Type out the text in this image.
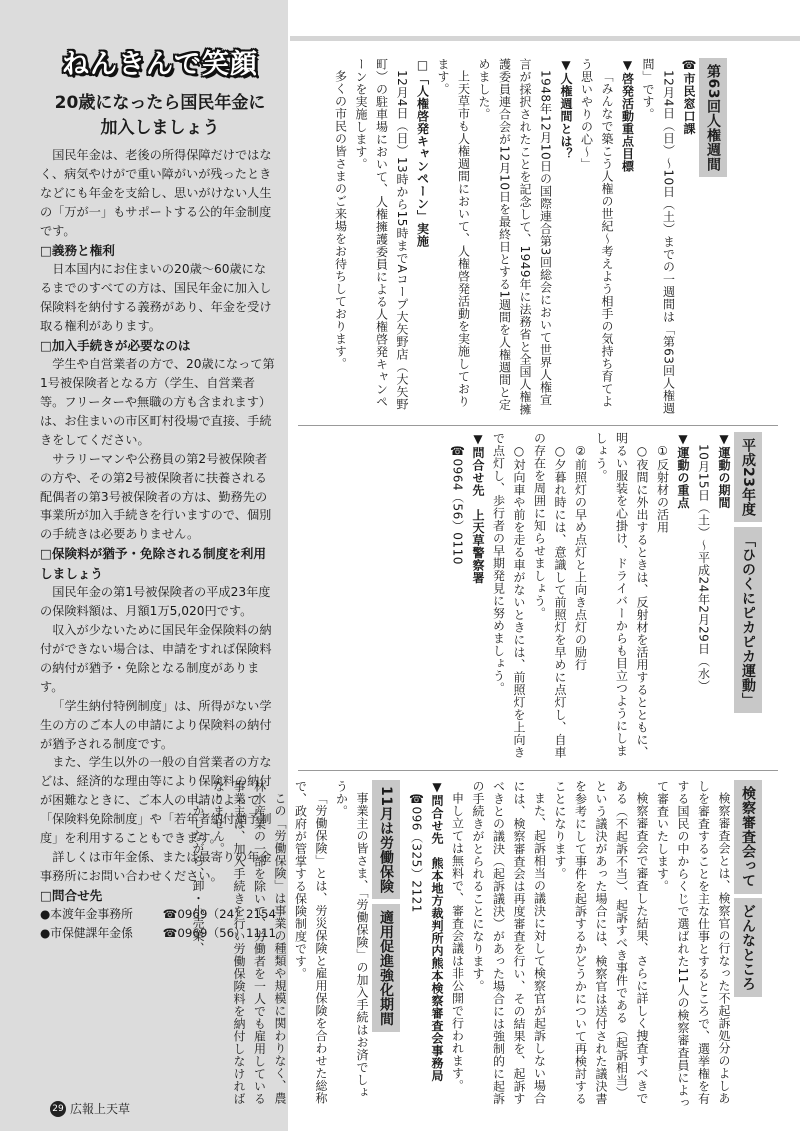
ねんきんで笑顔
20歳になったら国民年金に
加入しましょう

国民年金は、老後の所得保障だけではなく、病気やけがで重い障がいが残ったときなどにも年金を支給し、思いがけない人生の「万が一」もサポートする公的年金制度です。

□義務と権利

日本国内にお住まいの20歳～60歳になるまでのすべての方は、国民年金に加入し保険料を納付する義務があり、年金を受け取る権利があります。

□加入手続きが必要なのは

学生や自営業者の方で、20歳になって第1号被保険者となる方（学生、自営業者等。フリーターや無職の方も含まれます）は、お住まいの市区町村役場で直接、手続きをしてください。

サラリーマンや公務員の第2号被保険者の方や、その第2号被保険者に扶養される配偶者の第3号被保険者の方は、勤務先の事業所が加入手続きを行いますので、個別の手続きは必要ありません。

□保険料が猶予・免除される制度を利用しましょう

国民年金の第1号被保険者の平成23年度の保険料額は、月額1万5,020円です。

収入が少ないために国民年金保険料の納付ができない場合は、申請をすれば保険料の納付が猶予・免除となる制度があります。

「学生納付特例制度」は、所得がない学生の方のご本人の申請により保険料の納付が猶予される制度です。

また、学生以外の一般の自営業者の方などは、経済的な理由等により保険料の納付が困難なときに、ご本人の申請によって「保険料免除制度」や「若年者納付猶予制度」を利用することもできます。

詳しくは市年金係、または最寄りの年金事務所にお問い合わせください。

□問合せ先
●本渡年金事務所	☎0969（24）2154
●市保健課年金係	☎0969（56）1111
29 広報上天草
第63回人権週間

☎市民窓口課

12月4日（日）～10日（土）までの一週間は「第63回人権週間」です。

▼啓発活動重点目標

「みんなで築こう人権の世紀～考えよう相手の気持ち育てよう思いやりの心～」

▼人権週間とは？

1948年12月10日の国際連合第3回総会において世界人権宣言が採択されたことを記念して、1949年に法務省と全国人権擁護委員連合会が12月10日を最終日とする1週間を人権週間と定めました。

上天草市も人権週間において、人権啓発活動を実施しております。

□「人権啓発キャンペーン」実施

12月4日（日）13時から15時までAコープ大矢野店（大矢野町）の駐車場において、人権擁護委員による人権啓発キャンペーンを実施します。

多くの市民の皆さまのご来場をお待ちしております。

平成23年度 「ひのくにピカピカ運動」

▼運動の期間

10月15日（土）～平成24年2月29日（水）

▼運動の重点

①反射材の活用

○夜間に外出するときは、反射材を活用するとともに、明るい服装を心掛け、ドライバーからも目立つようにしましょう。

②前照灯の早め点灯と上向き点灯の励行

○夕暮れ時には、意識して前照灯を早めに点灯し、自車の存在を周囲に知らせましょう。

○対向車や前を走る車がないときには、前照灯を上向きで点灯し、歩行者の早期発見に努めましょう。

▼問合せ先　上天草警察署

☎0964（56）0110

検察審査会って どんなところ

検察審査会とは、検察官の行なった不起訴処分のよしあしを審査することを主な仕事とするところで、選挙権を有する国民の中からくじで選ばれた11人の検察審査員によって審査いたします。

検察審査会で審査した結果、さらに詳しく捜査すべきである（不起訴不当）、起訴すべき事件である（起訴相当）という議決があった場合には、検察官は送付された議決書を参考にして事件を起訴するかどうかについて再検討することになります。

また、起訴相当の議決に対して検察官が起訴しない場合には、検察審査会は再度審査を行い、その結果を、起訴すべきとの議決（起訴議決）があった場合には強制的に起訴の手続きがとられることになります。

申し立ては無料で、審査会議は非公開で行われます。

▼問合せ先　熊本地方裁判所内熊本検察審査会事務局

☎096（325）2121

11月は労働保険 適用促進強化期間

事業主の皆さま、「労働保険」の加入手続はお済でしょうか。

「労働保険」とは、労災保険と雇用保険を合わせた総称で、政府が管掌する保険制度です。

この「労働保険」は事業の種類や規模に関わりなく、農林水産業の一部を除いて、労働者を一人でも雇用している事業主は、加入手続きを行い労働保険料を納付しなければなりません。

しかしながら、卸・小売業、
